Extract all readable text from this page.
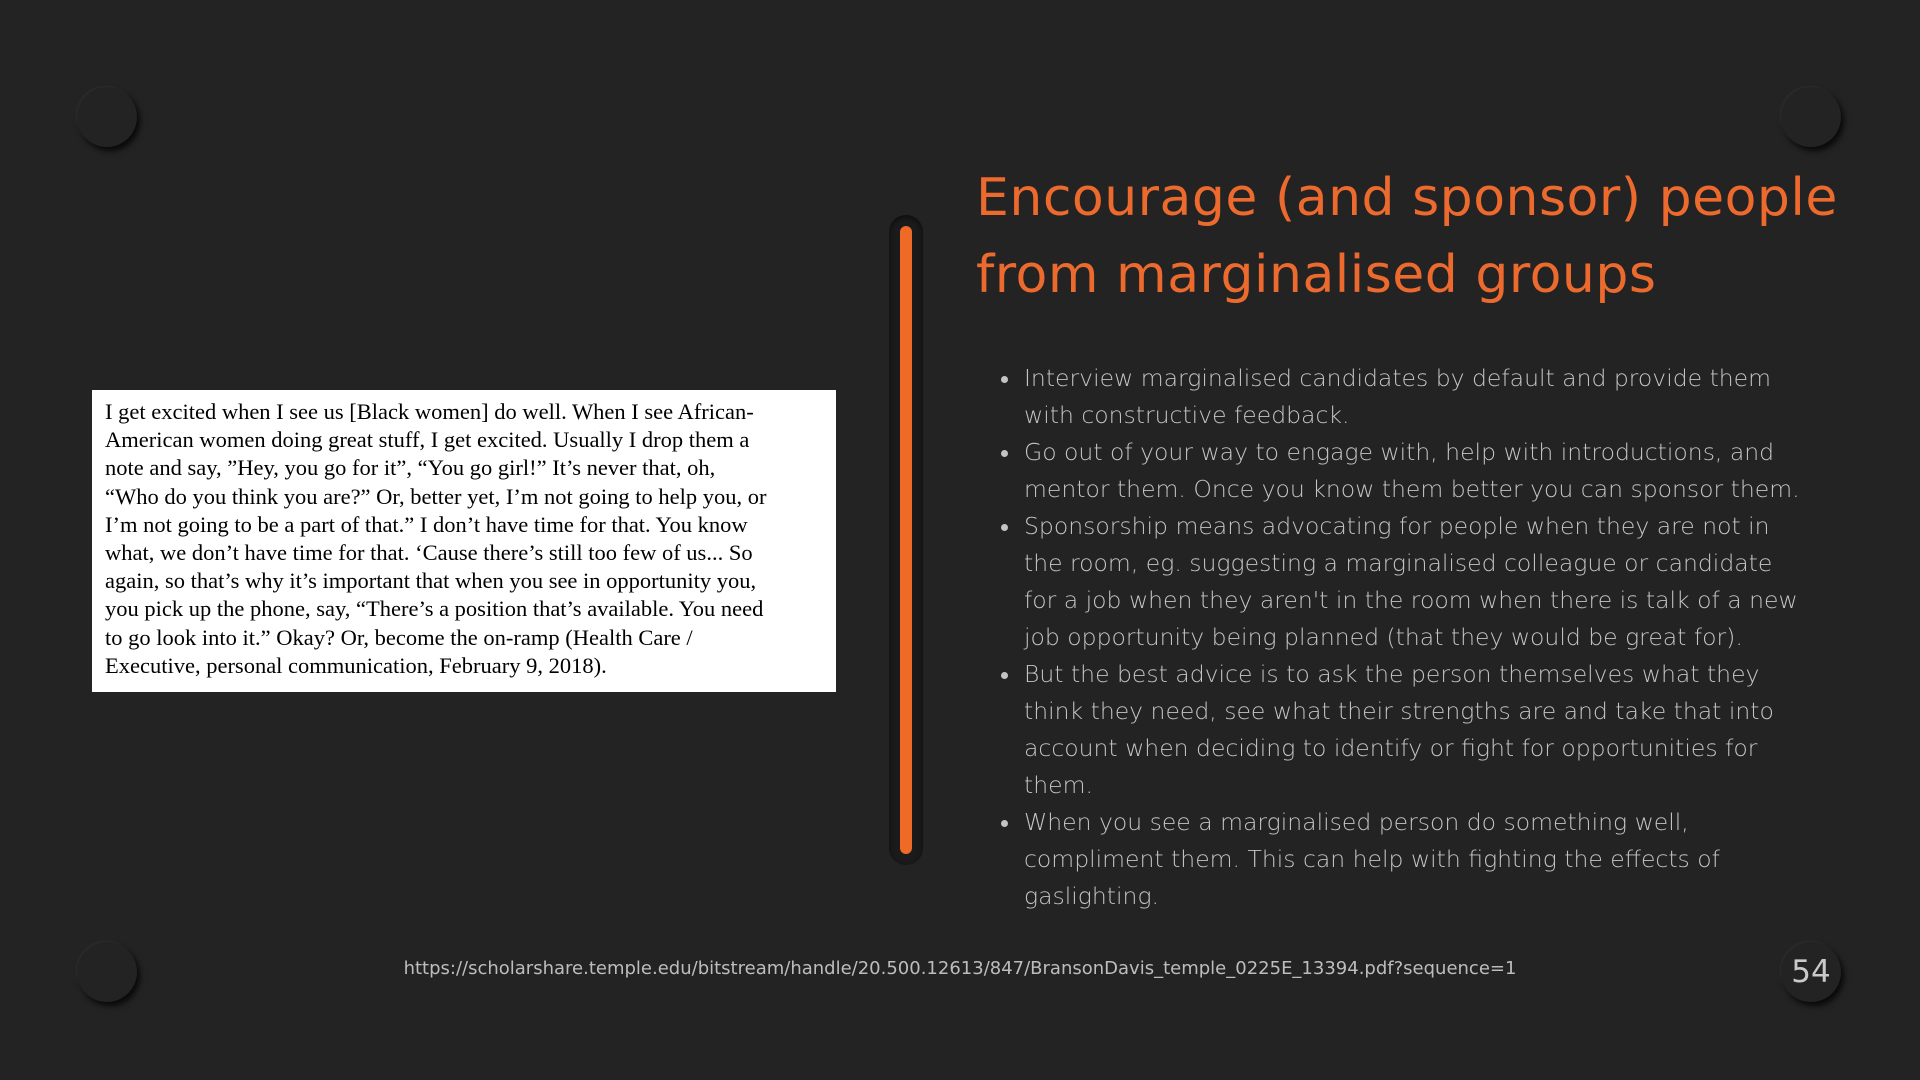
54

I get excited when I see us [Black women] do well. When I see African-
American women doing great stuff, I get excited. Usually I drop them a
note and say, ”Hey, you go for it”, “You go girl!” It’s never that, oh,
“Who do you think you are?” Or, better yet, I’m not going to help you, or
I’m not going to be a part of that.” I don’t have time for that. You know
what, we don’t have time for that. ‘Cause there’s still too few of us... So
again, so that’s why it’s important that when you see in opportunity you,
you pick up the phone, say, “There’s a position that’s available. You need
to go look into it.” Okay? Or, become the on-ramp (Health Care /
Executive, personal communication, February 9, 2018).

Encourage (and sponsor) people from marginalised groups
• Interview marginalised candidates by default and provide them with constructive feedback.
• Go out of your way to engage with, help with introductions, and mentor them. Once you know them better you can sponsor them.
• Sponsorship means advocating for people when they are not in the room, eg. suggesting a marginalised colleague or candidate for a job when they aren't in the room when there is talk of a new job opportunity being planned (that they would be great for).
• But the best advice is to ask the person themselves what they think they need, see what their strengths are and take that into account when deciding to identify or fight for opportunities for them.
• When you see a marginalised person do something well, compliment them. This can help with fighting the effects of gaslighting.
https://scholarshare.temple.edu/bitstream/handle/20.500.12613/847/BransonDavis_temple_0225E_13394.pdf?sequence=1
